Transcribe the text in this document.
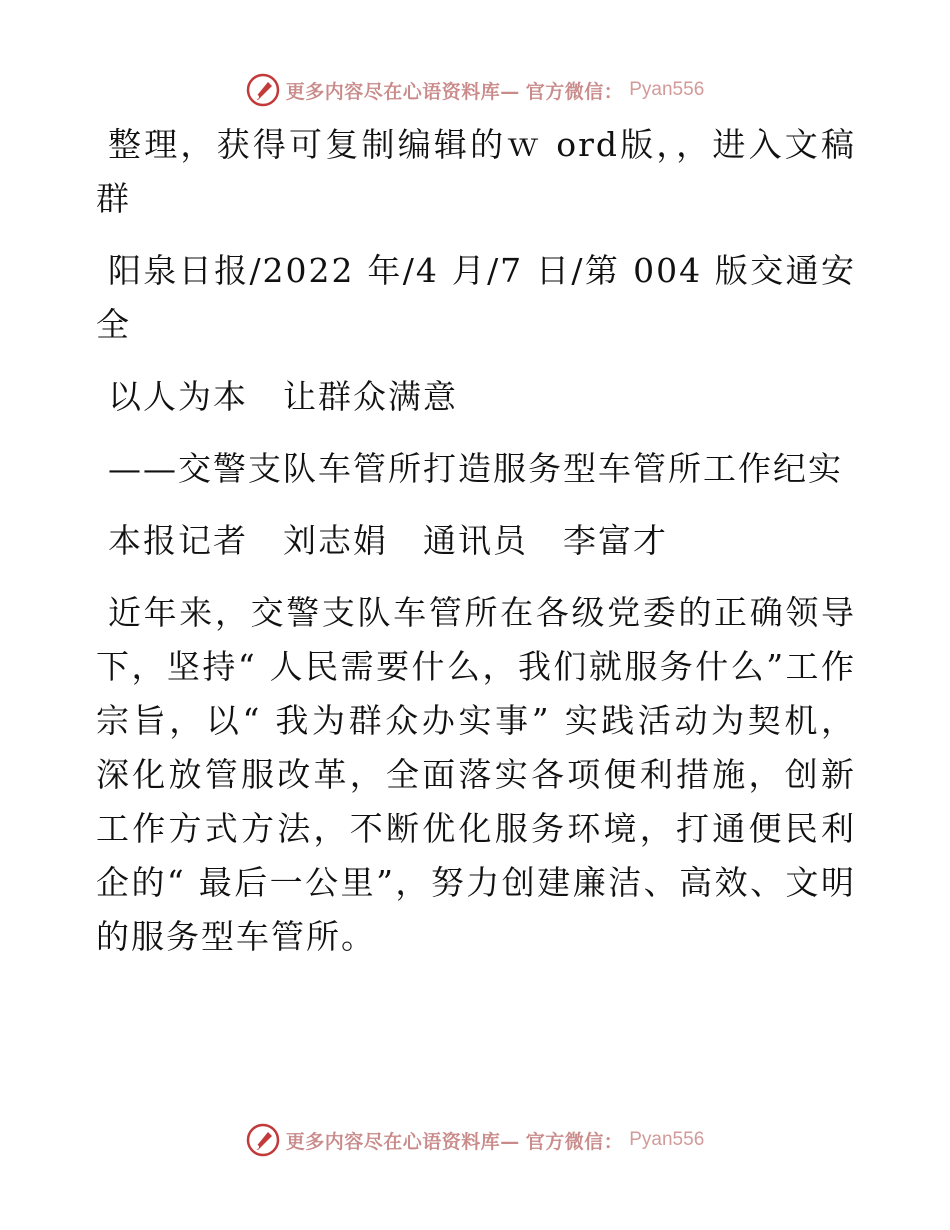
更多内容尽在心语资料库— 官方微信： Pyan556

整理，获得可复制编辑的ｗ ord版，，进入文稿群

阳泉日报/2022 年/4 月/7 日/第 004 版交通安全

以人为本　让群众满意

——交警支队车管所打造服务型车管所工作纪实

本报记者　刘志娟　通讯员　李富才

近年来，交警支队车管所在各级党委的正确领导下，坚持“ 人民需要什么，我们就服务什么”工作宗旨，以“ 我为群众办实事” 实践活动为契机，深化放管服改革，全面落实各项便利措施，创新工作方式方法，不断优化服务环境，打通便民利企的“ 最后一公里”，努力创建廉洁、高效、文明的服务型车管所。

更多内容尽在心语资料库— 官方微信： Pyan556
